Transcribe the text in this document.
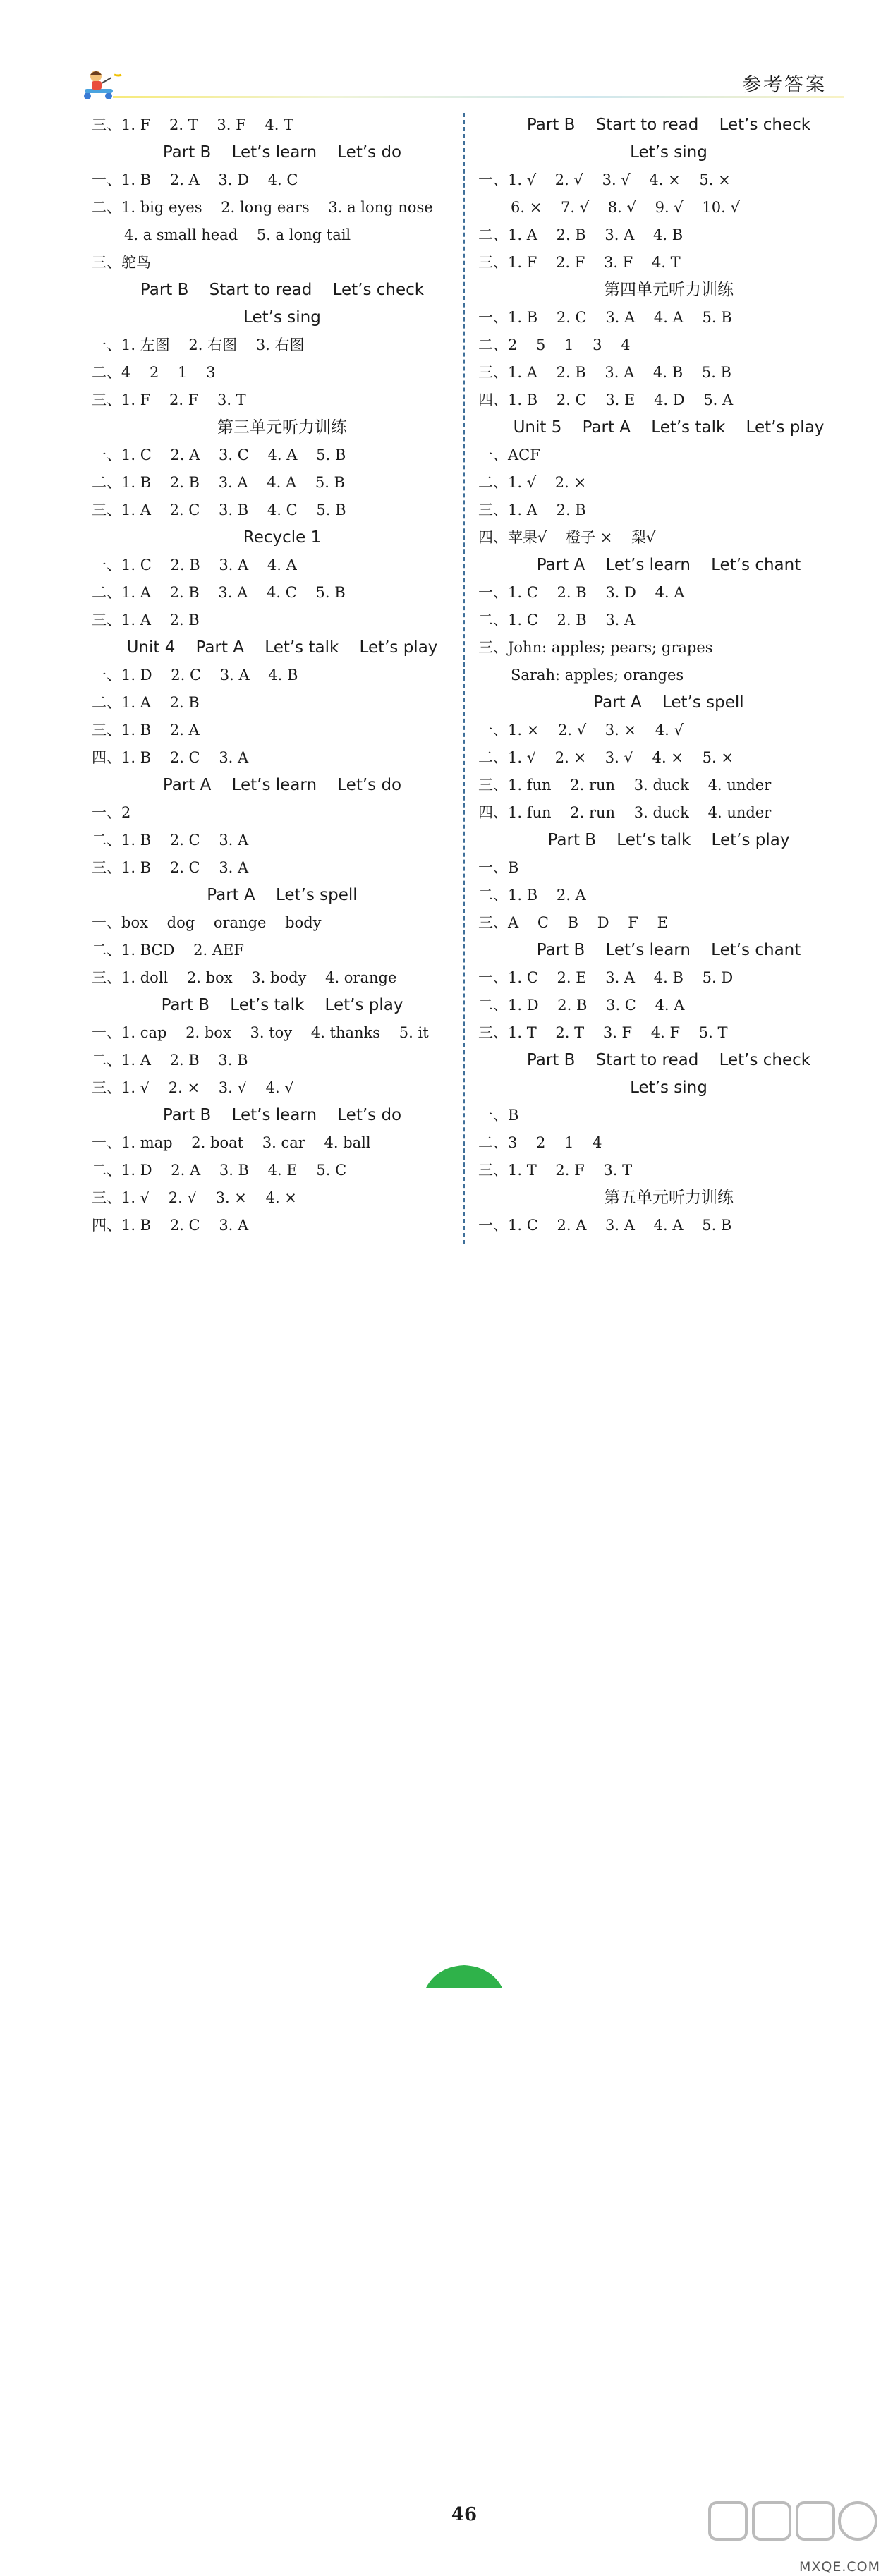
参考答案
三、1. F    2. T    3. F    4. T
Part B    Let’s learn    Let’s do
一、1. B    2. A    3. D    4. C
二、1. big eyes    2. long ears    3. a long nose
4. a small head    5. a long tail
三、鸵鸟
Part B    Start to read    Let’s check
Let’s sing
一、1. 左图    2. 右图    3. 右图
二、4    2    1    3
三、1. F    2. F    3. T
第三单元听力训练
一、1. C    2. A    3. C    4. A    5. B
二、1. B    2. B    3. A    4. A    5. B
三、1. A    2. C    3. B    4. C    5. B
Recycle 1
一、1. C    2. B    3. A    4. A
二、1. A    2. B    3. A    4. C    5. B
三、1. A    2. B
Unit 4    Part A    Let’s talk    Let’s play
一、1. D    2. C    3. A    4. B
二、1. A    2. B
三、1. B    2. A
四、1. B    2. C    3. A
Part A    Let’s learn    Let’s do
一、2
二、1. B    2. C    3. A
三、1. B    2. C    3. A
Part A    Let’s spell
一、box    dog    orange    body
二、1. BCD    2. AEF
三、1. doll    2. box    3. body    4. orange
Part B    Let’s talk    Let’s play
一、1. cap    2. box    3. toy    4. thanks    5. it
二、1. A    2. B    3. B
三、1. √    2. ×    3. √    4. √
Part B    Let’s learn    Let’s do
一、1. map    2. boat    3. car    4. ball
二、1. D    2. A    3. B    4. E    5. C
三、1. √    2. √    3. ×    4. ×
四、1. B    2. C    3. A
Part B    Start to read    Let’s check
Let’s sing
一、1. √    2. √    3. √    4. ×    5. ×
6. ×    7. √    8. √    9. √    10. √
二、1. A    2. B    3. A    4. B
三、1. F    2. F    3. F    4. T
第四单元听力训练
一、1. B    2. C    3. A    4. A    5. B
二、2    5    1    3    4
三、1. A    2. B    3. A    4. B    5. B
四、1. B    2. C    3. E    4. D    5. A
Unit 5    Part A    Let’s talk    Let’s play
一、ACF
二、1. √    2. ×
三、1. A    2. B
四、苹果√    橙子 ×    梨√
Part A    Let’s learn    Let’s chant
一、1. C    2. B    3. D    4. A
二、1. C    2. B    3. A
三、John: apples; pears; grapes
Sarah: apples; oranges
Part A    Let’s spell
一、1. ×    2. √    3. ×    4. √
二、1. √    2. ×    3. √    4. ×    5. ×
三、1. fun    2. run    3. duck    4. under
四、1. fun    2. run    3. duck    4. under
Part B    Let’s talk    Let’s play
一、B
二、1. B    2. A
三、A    C    B    D    F    E
Part B    Let’s learn    Let’s chant
一、1. C    2. E    3. A    4. B    5. D
二、1. D    2. B    3. C    4. A
三、1. T    2. T    3. F    4. F    5. T
Part B    Start to read    Let’s check
Let’s sing
一、B
二、3    2    1    4
三、1. T    2. F    3. T
第五单元听力训练
一、1. C    2. A    3. A    4. A    5. B
46
MXQE.COM
